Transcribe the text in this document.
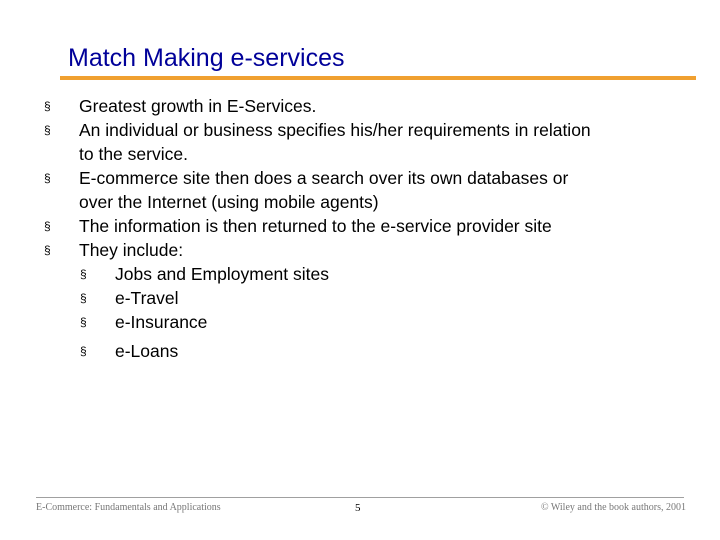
Match Making e-services
§ Greatest growth in E-Services.
§ An individual or business specifies his/her requirements in relation
to the service.
§ E-commerce site then does a search over its own databases or
over the Internet (using mobile agents)
§ The information is then returned to the e-service provider site
§ They include:
§ Jobs and Employment sites
§ e-Travel
§ e-Insurance
§ e-Loans
E-Commerce: Fundamentals and Applications	5	© Wiley and the book authors, 2001
